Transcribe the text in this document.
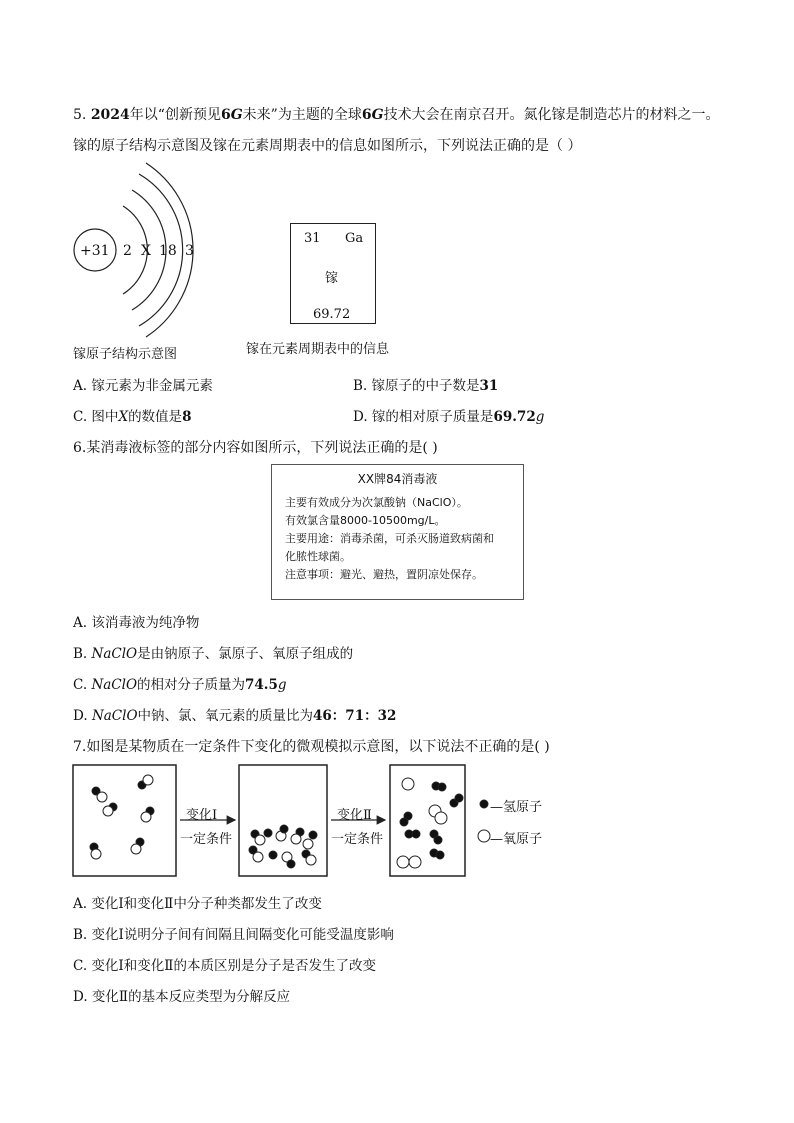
5. 2024年以“创新预见6G未来”为主题的全球6G技术大会在南京召开。氮化镓是制造芯片的材料之一。
镓的原子结构示意图及镓在元素周期表中的信息如图所示，下列说法正确的是（ ）
+31 2 X 18 3
镓原子结构示意图
31 Ga
镓
69.72
镓在元素周期表中的信息
A. 镓元素为非金属元素	B. 镓原子的中子数是31
C. 图中X的数值是8	D. 镓的相对原子质量是69.72g
6.某消毒液标签的部分内容如图所示，下列说法正确的是( )
XX牌84消毒液
主要有效成分为次氯酸钠（NaClO）。
有效氯含量8000-10500mg/L。
主要用途：消毒杀菌，可杀灭肠道致病菌和
化脓性球菌。
注意事项：避光、避热，置阴凉处保存。
A. 该消毒液为纯净物
B. NaClO是由钠原子、氯原子、氧原子组成的
C. NaClO的相对分子质量为74.5g
D. NaClO中钠、氯、氧元素的质量比为46：71：32
7.如图是某物质在一定条件下变化的微观模拟示意图，以下说法不正确的是( )
变化Ⅰ
一定条件
变化Ⅱ
一定条件
—氢原子
—氧原子
A. 变化Ⅰ和变化Ⅱ中分子种类都发生了改变
B. 变化Ⅰ说明分子间有间隔且间隔变化可能受温度影响
C. 变化Ⅰ和变化Ⅱ的本质区别是分子是否发生了改变
D. 变化Ⅱ的基本反应类型为分解反应
